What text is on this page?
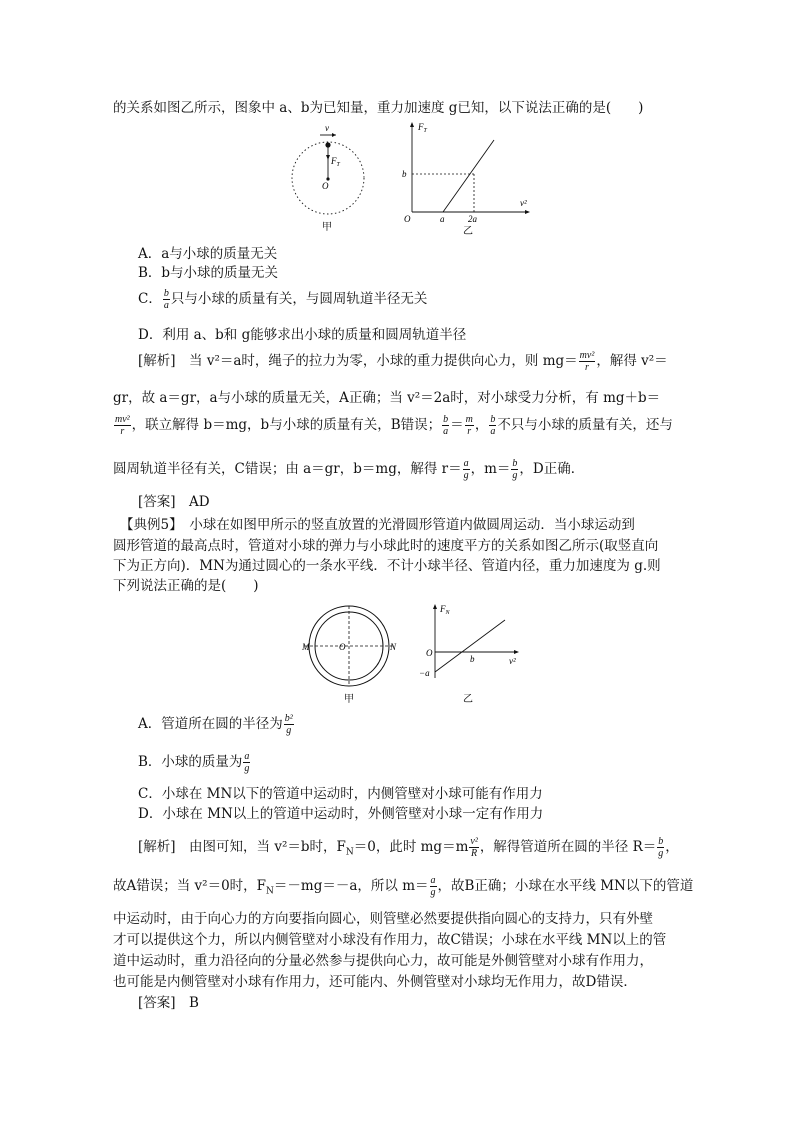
的关系如图乙所示，图象中 a、b为已知量，重力加速度 g已知，以下说法正确的是(　　)
v
$F_T$
O
甲
$F_T$
v²
b
O	a	2a
乙
A．a与小球的质量无关
B．b与小球的质量无关
C． $\frac{b}{a}$ 只与小球的质量有关，与圆周轨道半径无关
D．利用 a、b和 g能够求出小球的质量和圆周轨道半径
[解析]　当 v²＝a时，绳子的拉力为零，小球的重力提供向心力，则 $mg= \frac{\text{mv²}}{r}$ ，解得 v²＝
gr，故 a＝gr，a与小球的质量无关，A正确；当 v²＝2a时，对小球受力分析，有 mg＋b＝
$\frac{\text{mv²}}{r}$ ，联立解得 b＝mg，b与小球的质量有关，B错误； $\frac{b}{a} = \frac{m}{r}$ ， $\frac{b}{a}$ 不只与小球的质量有关，还与
圆周轨道半径有关，C错误；由 a＝gr，b＝mg，解得 $r= \frac{a}{g}$ ，$m= \frac{b}{g}$ ，D正确．
[答案]　AD
【典例5】　小球在如图甲所示的竖直放置的光滑圆形管道内做圆周运动．当小球运动到
圆形管道的最高点时，管道对小球的弹力与小球此时的速度平方的关系如图乙所示(取竖直向
下为正方向)．MN为通过圆心的一条水平线．不计小球半径、管道内径，重力加速度为 g.则
下列说法正确的是(　　)
M	N
O
甲
$F_N$
v²
O
−a
b
乙
A．管道所在圆的半径为 $\frac{\text{b²}}{g}$
B．小球的质量为 $\frac{a}{g}$
C．小球在 MN以下的管道中运动时，内侧管壁对小球可能有作用力
D．小球在 MN以上的管道中运动时，外侧管壁对小球一定有作用力
[解析]　由图可知，当 v²＝b时，$F_N=0$，此时 $mg=m \frac{\text{v²}}{R}$ ，解得管道所在圆的半径 $R= \frac{b}{g}$ ，
故A错误；当 v²＝0时，$F_N=-mg=-a$，所以 $m= \frac{a}{g}$ ，故B正确；小球在水平线 MN以下的管道
中运动时，由于向心力的方向要指向圆心，则管壁必然要提供指向圆心的支持力，只有外壁
才可以提供这个力，所以内侧管壁对小球没有作用力，故C错误；小球在水平线 MN以上的管
道中运动时，重力沿径向的分量必然参与提供向心力，故可能是外侧管壁对小球有作用力，
也可能是内侧管壁对小球有作用力，还可能内、外侧管壁对小球均无作用力，故D错误．
[答案]　B
